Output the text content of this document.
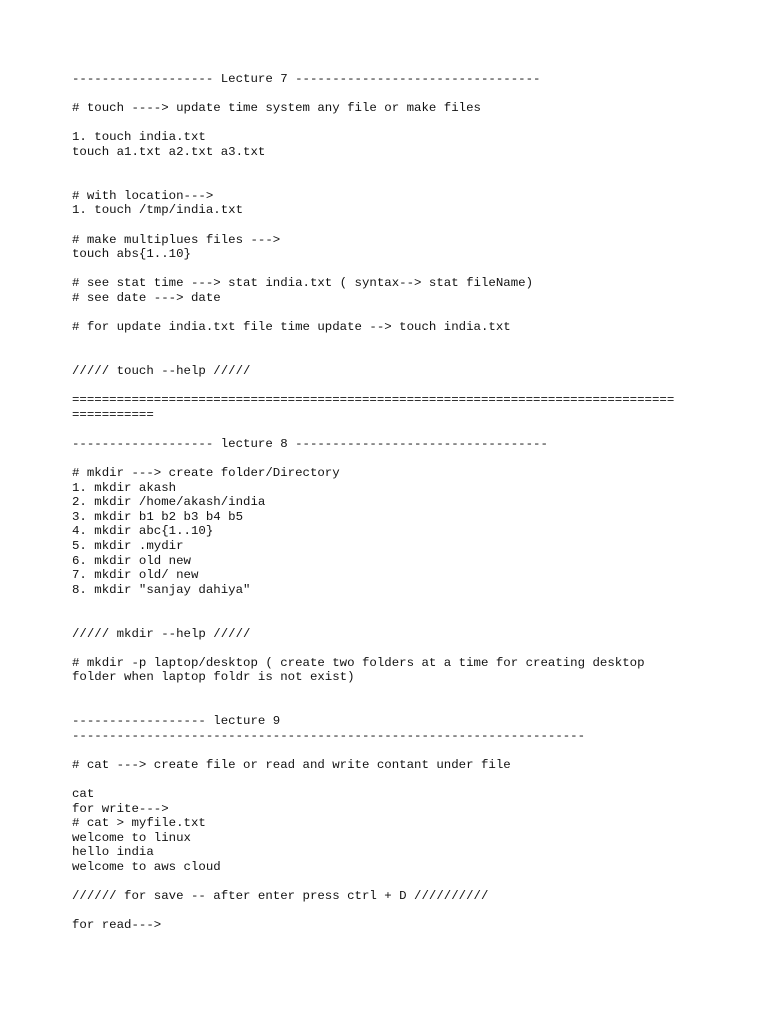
------------------- Lecture 7 ---------------------------------
# touch ----> update time system any file or make files
1. touch india.txt
touch a1.txt a2.txt a3.txt
# with location--->
1. touch /tmp/india.txt
# make multiplues files --->
touch abs{1..10}
# see stat time ---> stat india.txt ( syntax--> stat fileName)
# see date ---> date
# for update india.txt file time update --> touch india.txt
///// touch --help /////
=================================================================================
===========
------------------- lecture 8 ----------------------------------
# mkdir ---> create folder/Directory
1. mkdir akash
2. mkdir /home/akash/india
3. mkdir b1 b2 b3 b4 b5
4. mkdir abc{1..10}
5. mkdir .mydir
6. mkdir old new
7. mkdir old/ new
8. mkdir "sanjay dahiya"
///// mkdir --help /////
# mkdir -p laptop/desktop ( create two folders at a time for creating desktop
folder when laptop foldr is not exist)
------------------ lecture 9
---------------------------------------------------------------------
# cat ---> create file or read and write contant under file
cat
for write--->
# cat > myfile.txt
welcome to linux
hello india
welcome to aws cloud
////// for save -- after enter press ctrl + D //////////
for read--->
